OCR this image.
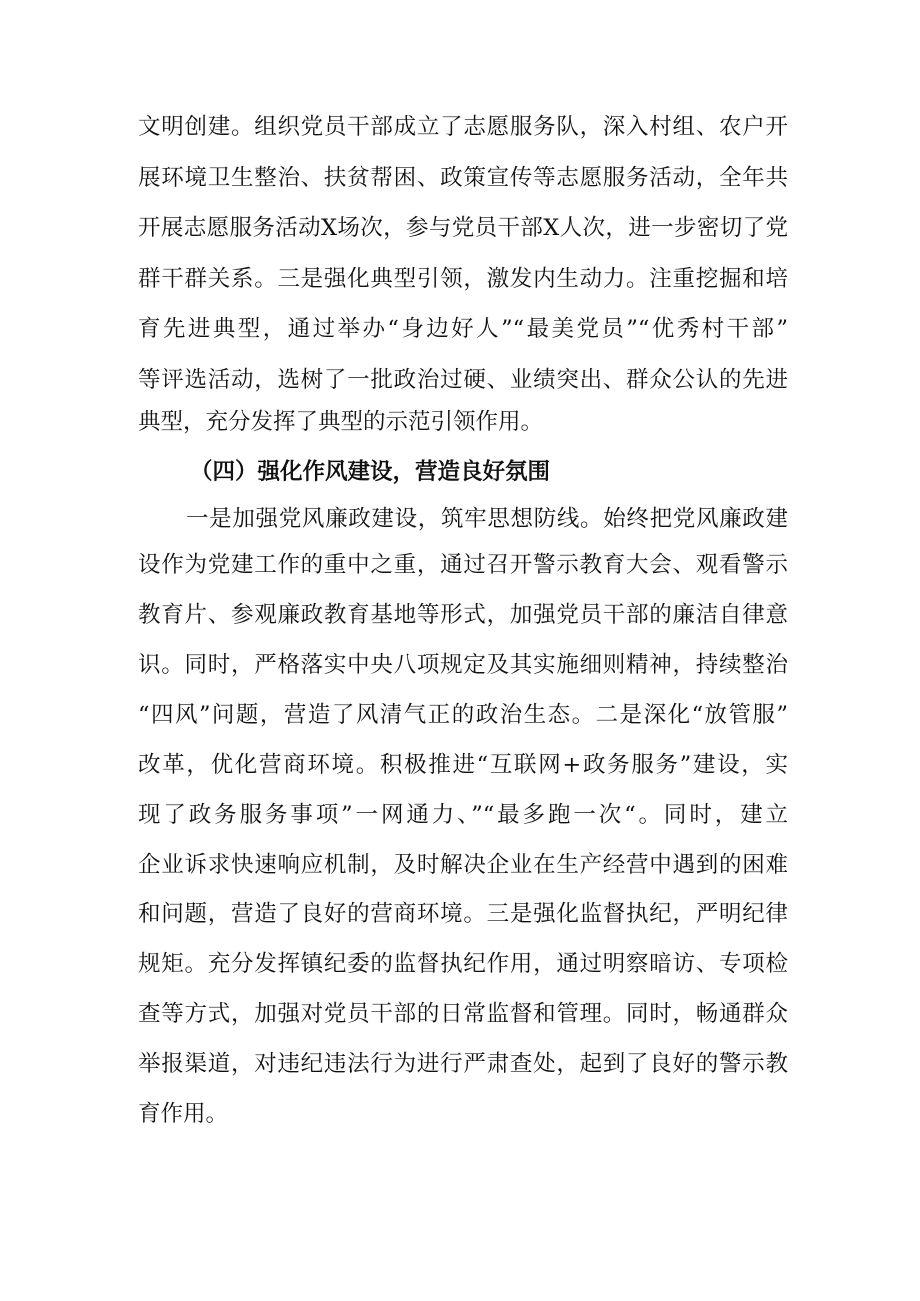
文明创建。组织党员干部成立了志愿服务队，深入村组、农户开
展环境卫生整治、扶贫帮困、政策宣传等志愿服务活动，全年共
开展志愿服务活动X场次，参与党员干部X人次，进一步密切了党
群干群关系。三是强化典型引领，激发内生动力。注重挖掘和培
育先进典型，通过举办“身边好人”“最美党员”“优秀村干部”
等评选活动，选树了一批政治过硬、业绩突出、群众公认的先进
典型，充分发挥了典型的示范引领作用。
（四）强化作风建设，营造良好氛围
一是加强党风廉政建设，筑牢思想防线。始终把党风廉政建
设作为党建工作的重中之重，通过召开警示教育大会、观看警示
教育片、参观廉政教育基地等形式，加强党员干部的廉洁自律意
识。同时，严格落实中央八项规定及其实施细则精神，持续整治
“四风”问题，营造了风清气正的政治生态。二是深化“放管服”
改革，优化营商环境。积极推进“互联网+政务服务”建设，实
现了政务服务事项”一网通力、”“最多跑一次“。同时，建立
企业诉求快速响应机制，及时解决企业在生产经营中遇到的困难
和问题，营造了良好的营商环境。三是强化监督执纪，严明纪律
规矩。充分发挥镇纪委的监督执纪作用，通过明察暗访、专项检
查等方式，加强对党员干部的日常监督和管理。同时，畅通群众
举报渠道，对违纪违法行为进行严肃查处，起到了良好的警示教
育作用。
